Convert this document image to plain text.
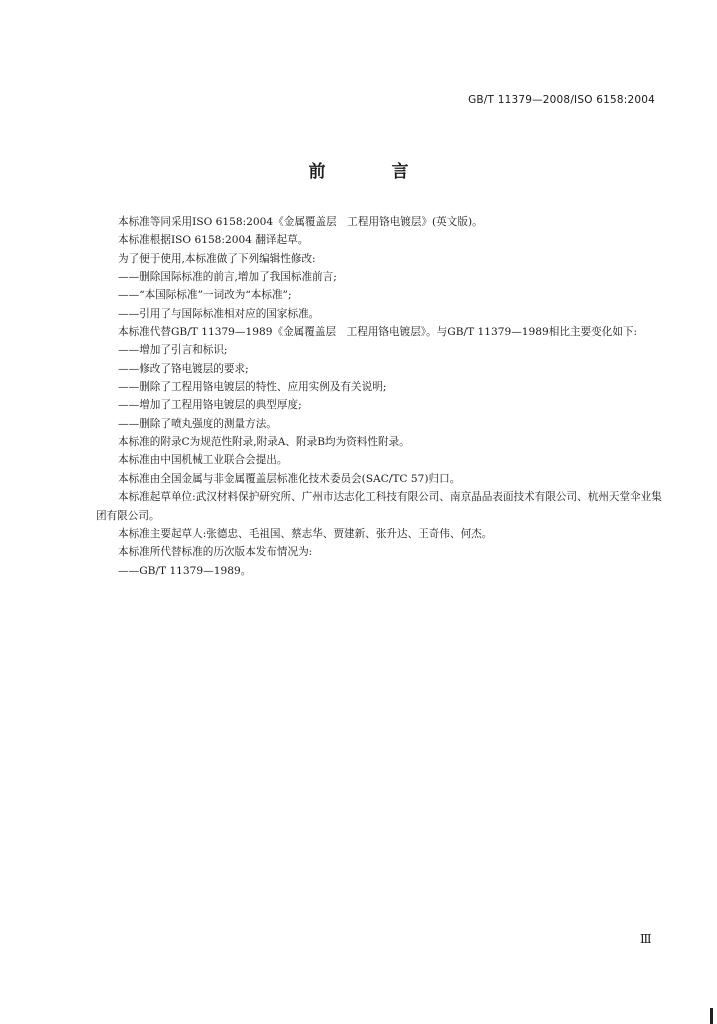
GB/T 11379—2008/ISO 6158:2004
前 言

本标准等同采用ISO 6158:2004《金属覆盖层　工程用铬电镀层》(英文版)。

本标准根据ISO 6158:2004 翻译起草。

为了便于使用,本标准做了下列编辑性修改:

——删除国际标准的前言,增加了我国标准前言;

——“本国际标准”一词改为“本标准”;

——引用了与国际标准相对应的国家标准。

本标准代替GB/T 11379—1989《金属覆盖层　工程用铬电镀层》。与GB/T 11379—1989相比主要变化如下:

——增加了引言和标识;

——修改了铬电镀层的要求;

——删除了工程用铬电镀层的特性、应用实例及有关说明;

——增加了工程用铬电镀层的典型厚度;

——删除了喷丸强度的测量方法。

本标准的附录C为规范性附录,附录A、附录B均为资料性附录。

本标准由中国机械工业联合会提出。

本标准由全国金属与非金属覆盖层标准化技术委员会(SAC/TC 57)归口。

本标准起草单位:武汉材料保护研究所、广州市达志化工科技有限公司、南京晶品表面技术有限公司、杭州天堂伞业集团有限公司。

本标准主要起草人:张德忠、毛祖国、蔡志华、贾建新、张升达、王奇伟、何杰。

本标准所代替标准的历次版本发布情况为:

——GB/T 11379—1989。

Ⅲ
